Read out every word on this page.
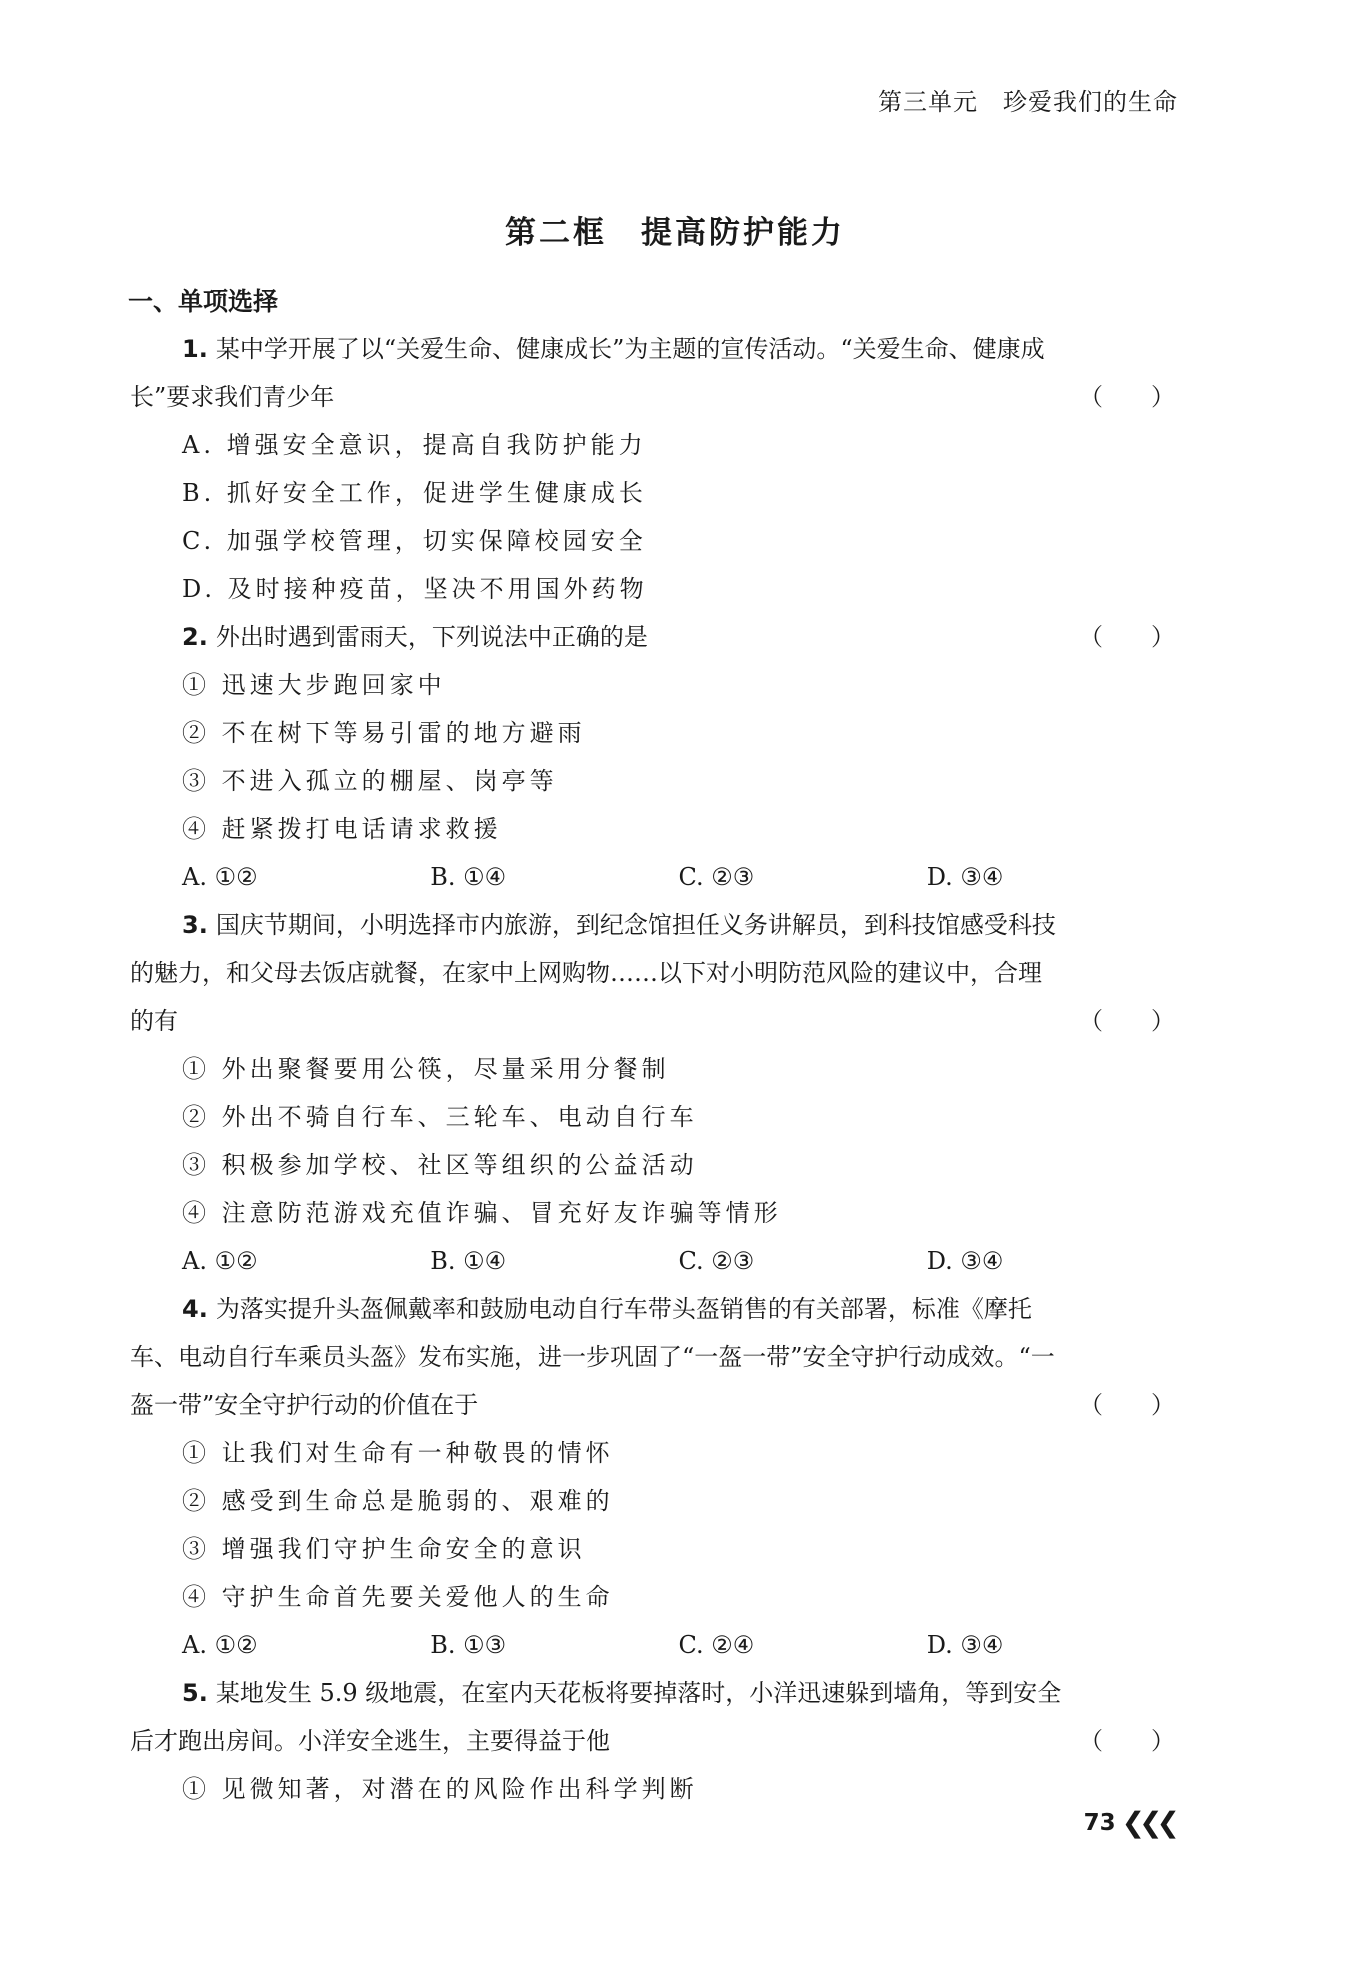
第三单元　珍爱我们的生命
第二框　提高防护能力
一、单项选择

1. 某中学开展了以“关爱生命、健康成长”为主题的宣传活动。“关爱生命、健康成

长”要求我们青少年	（　　）

A. 增强安全意识，提高自我防护能力

B. 抓好安全工作，促进学生健康成长

C. 加强学校管理，切实保障校园安全

D. 及时接种疫苗，坚决不用国外药物

2. 外出时遇到雷雨天，下列说法中正确的是	（　　）

① 迅速大步跑回家中

② 不在树下等易引雷的地方避雨

③ 不进入孤立的棚屋、岗亭等

④ 赶紧拨打电话请求救援

A. ①②	B. ①④	C. ②③	D. ③④

3. 国庆节期间，小明选择市内旅游，到纪念馆担任义务讲解员，到科技馆感受科技

的魅力，和父母去饭店就餐，在家中上网购物……以下对小明防范风险的建议中，合理

的有	（　　）

① 外出聚餐要用公筷，尽量采用分餐制

② 外出不骑自行车、三轮车、电动自行车

③ 积极参加学校、社区等组织的公益活动

④ 注意防范游戏充值诈骗、冒充好友诈骗等情形

A. ①②	B. ①④	C. ②③	D. ③④

4. 为落实提升头盔佩戴率和鼓励电动自行车带头盔销售的有关部署，标准《摩托

车、电动自行车乘员头盔》发布实施，进一步巩固了“一盔一带”安全守护行动成效。“一

盔一带”安全守护行动的价值在于	（　　）

① 让我们对生命有一种敬畏的情怀

② 感受到生命总是脆弱的、艰难的

③ 增强我们守护生命安全的意识

④ 守护生命首先要关爱他人的生命

A. ①②	B. ①③	C. ②④	D. ③④

5. 某地发生 5.9 级地震，在室内天花板将要掉落时，小洋迅速躲到墙角，等到安全

后才跑出房间。小洋安全逃生，主要得益于他	（　　）

① 见微知著，对潜在的风险作出科学判断

73 ❮❮❮
